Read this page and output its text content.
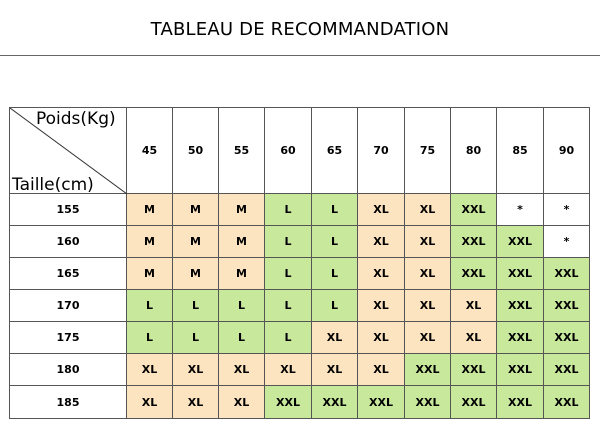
TABLEAU DE RECOMMANDATION
Poids(Kg)
Taille(cm)	45	50	55	60	65	70	75	80	85	90
155	M	M	M	L	L	XL	XL	XXL	*	*
160	M	M	M	L	L	XL	XL	XXL	XXL	*
165	M	M	M	L	L	XL	XL	XXL	XXL	XXL
170	L	L	L	L	L	XL	XL	XL	XXL	XXL
175	L	L	L	L	XL	XL	XL	XL	XXL	XXL
180	XL	XL	XL	XL	XL	XL	XXL	XXL	XXL	XXL
185	XL	XL	XL	XXL	XXL	XXL	XXL	XXL	XXL	XXL
